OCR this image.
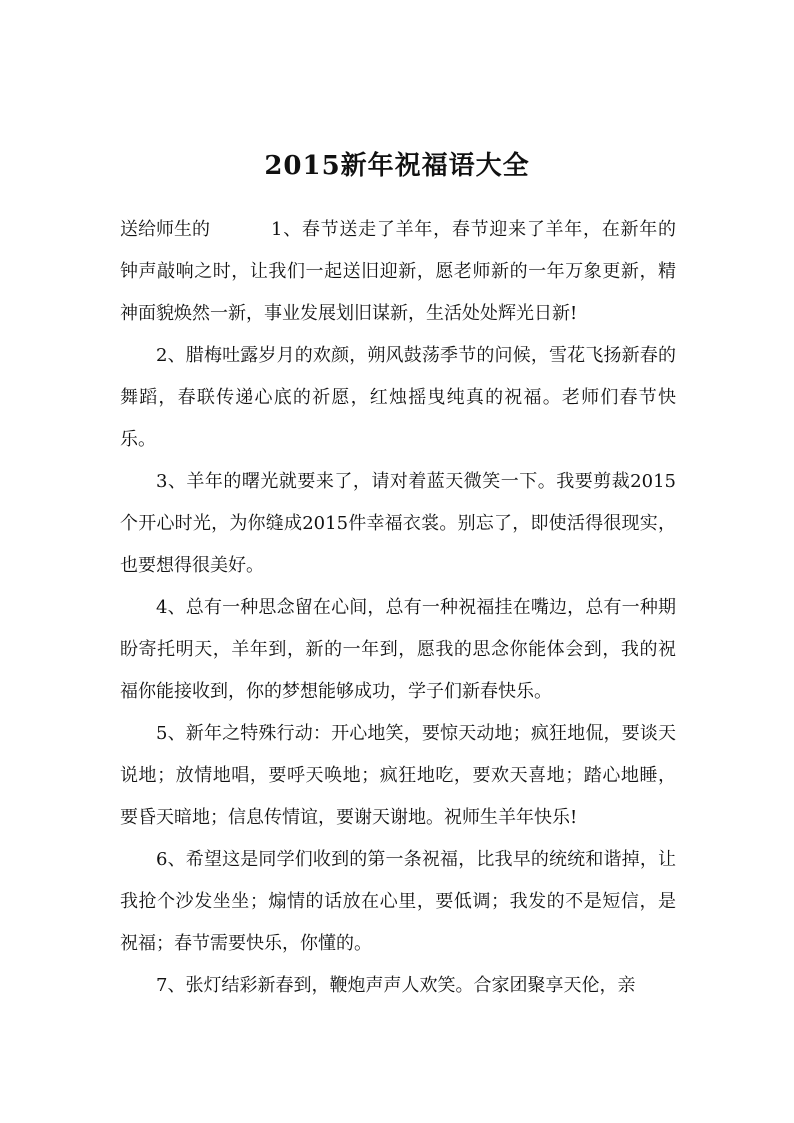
2015新年祝福语大全

送给师生的	1、春节送走了羊年，春节迎来了羊年，在新年的钟声敲响之时，让我们一起送旧迎新，愿老师新的一年万象更新，精神面貌焕然一新，事业发展划旧谋新，生活处处辉光日新!

2、腊梅吐露岁月的欢颜，朔风鼓荡季节的问候，雪花飞扬新春的舞蹈，春联传递心底的祈愿，红烛摇曳纯真的祝福。老师们春节快乐。

3、羊年的曙光就要来了，请对着蓝天微笑一下。我要剪裁2015个开心时光，为你缝成2015件幸福衣裳。别忘了，即使活得很现实，也要想得很美好。

4、总有一种思念留在心间，总有一种祝福挂在嘴边，总有一种期盼寄托明天，羊年到，新的一年到，愿我的思念你能体会到，我的祝福你能接收到，你的梦想能够成功，学子们新春快乐。

5、新年之特殊行动：开心地笑，要惊天动地；疯狂地侃，要谈天说地；放情地唱，要呼天唤地；疯狂地吃，要欢天喜地；踏心地睡，要昏天暗地；信息传情谊，要谢天谢地。祝师生羊年快乐!

6、希望这是同学们收到的第一条祝福，比我早的统统和谐掉，让我抢个沙发坐坐；煽情的话放在心里，要低调；我发的不是短信，是祝福；春节需要快乐，你懂的。

7、张灯结彩新春到，鞭炮声声人欢笑。合家团聚享天伦，亲
